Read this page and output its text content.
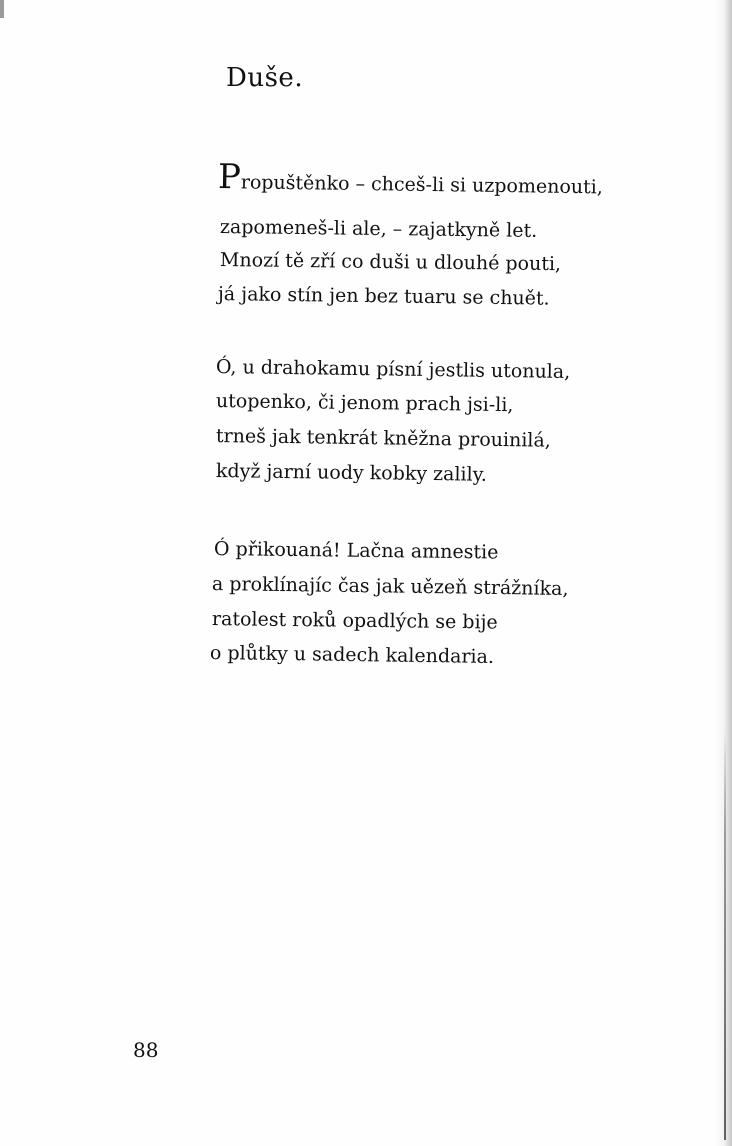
Duše.
Propuštěnko – chceš-li si uzpomenouti,
zapomeneš-li ale, – zajatkyně let.
Mnozí tě zří co duši u dlouhé pouti,
já jako stín jen bez tuaru se chuět.
Ó, u drahokamu písní jestlis utonula,
utopenko, či jenom prach jsi-li,
trneš jak tenkrát kněžna prouinilá,
když jarní uody kobky zalily.
Ó přikouaná! Lačna amnestie
a proklínajíc čas jak uězeň strážníka,
ratolest roků opadlých se bije
o plůtky u sadech kalendaria.
88
